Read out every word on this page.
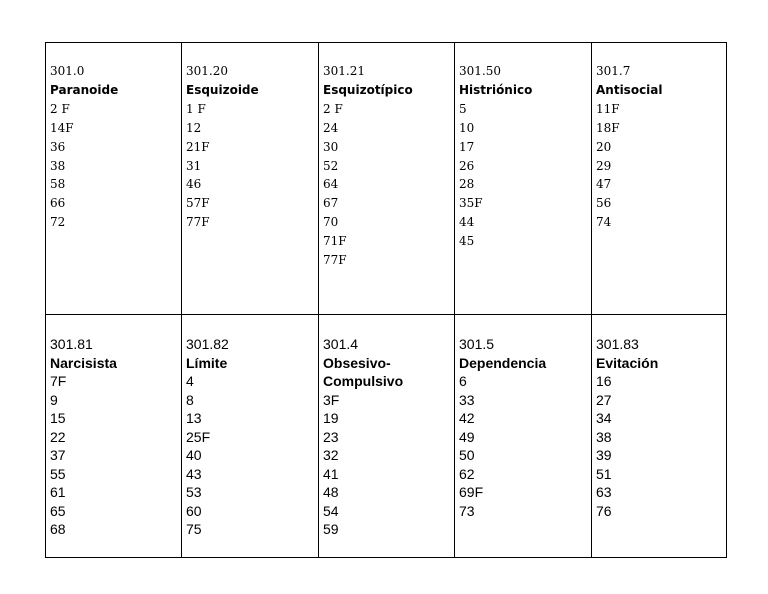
301.0
Paranoide
2 F
14F
36
38
58
66
72
301.20
Esquizoide
1 F
12
21F
31
46
57F
77F
301.21
Esquizotípico
2 F
24
30
52
64
67
70
71F
77F
301.50
Histriónico
5
10
17
26
28
35F
44
45
301.7
Antisocial
11F
18F
20
29
47
56
74
301.81
Narcisista
7F
9
15
22
37
55
61
65
68
301.82
Límite
4
8
13
25F
40
43
53
60
75
301.4
Obsesivo-
Compulsivo
3F
19
23
32
41
48
54
59
301.5
Dependencia
6
33
42
49
50
62
69F
73
301.83
Evitación
16
27
34
38
39
51
63
76
